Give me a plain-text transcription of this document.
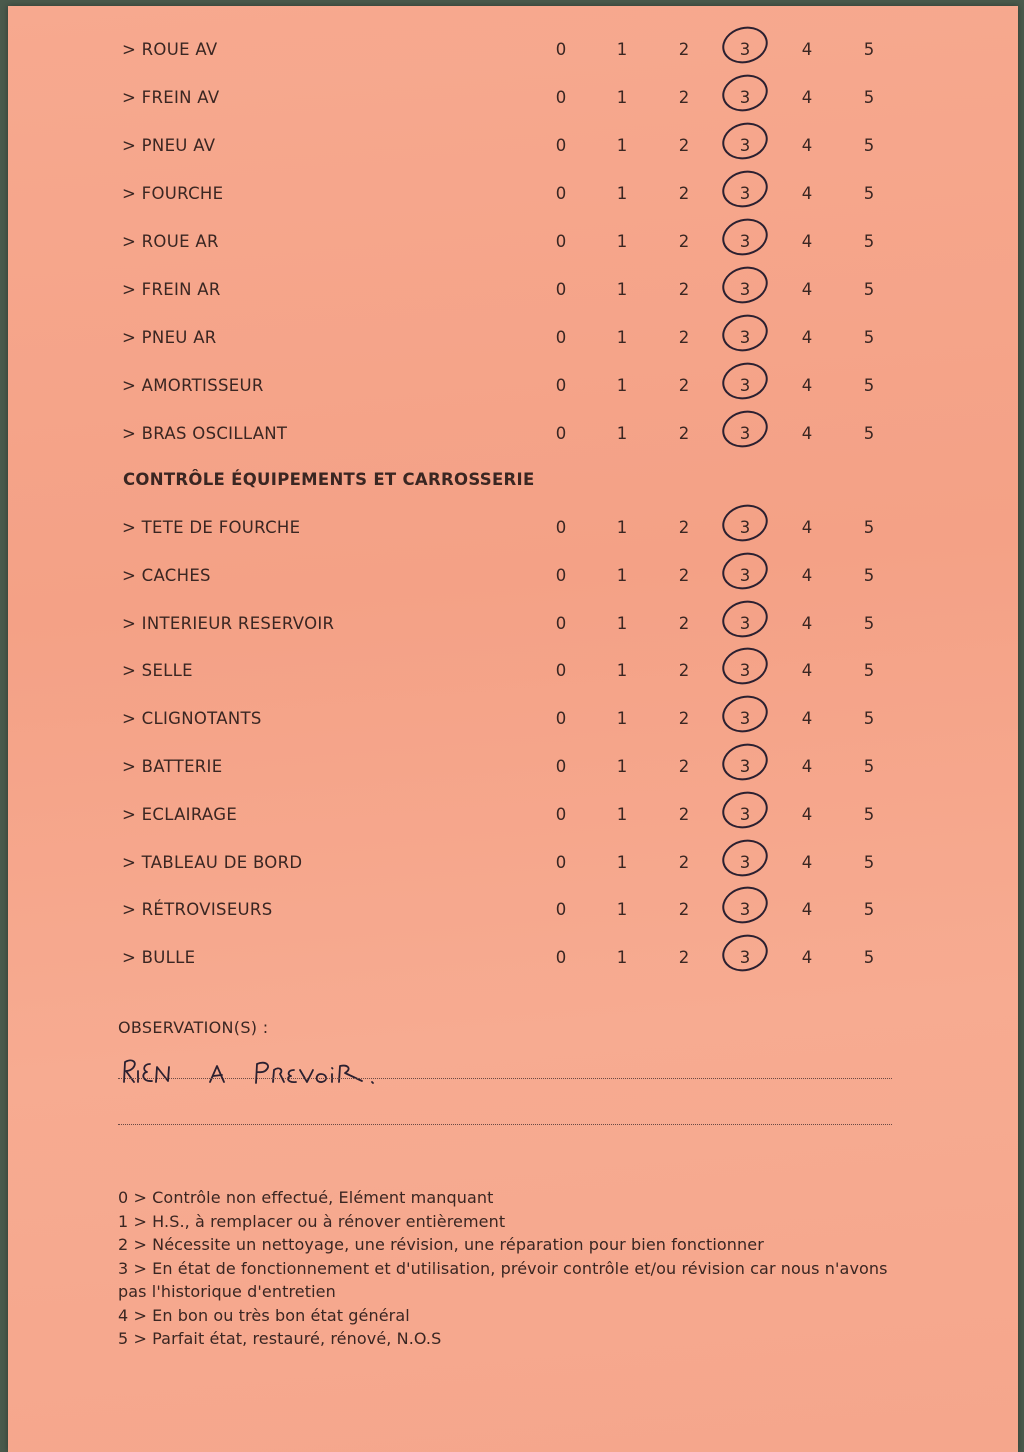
> ROUE AV	0	1	2	3	4	5
> FREIN AV	0	1	2	3	4	5
> PNEU AV	0	1	2	3	4	5
> FOURCHE	0	1	2	3	4	5
> ROUE AR	0	1	2	3	4	5
> FREIN AR	0	1	2	3	4	5
> PNEU AR	0	1	2	3	4	5
> AMORTISSEUR	0	1	2	3	4	5
> BRAS OSCILLANT	0	1	2	3	4	5
CONTRÔLE ÉQUIPEMENTS ET CARROSSERIE
> TETE DE FOURCHE	0	1	2	3	4	5
> CACHES	0	1	2	3	4	5
> INTERIEUR RESERVOIR	0	1	2	3	4	5
> SELLE	0	1	2	3	4	5
> CLIGNOTANTS	0	1	2	3	4	5
> BATTERIE	0	1	2	3	4	5
> ECLAIRAGE	0	1	2	3	4	5
> TABLEAU DE BORD	0	1	2	3	4	5
> RÉTROVISEURS	0	1	2	3	4	5
> BULLE	0	1	2	3	4	5
OBSERVATION(S) :
0 > Contrôle non effectué, Elément manquant
1 > H.S., à remplacer ou à rénover entièrement
2 > Nécessite un nettoyage, une révision, une réparation pour bien fonctionner
3 > En état de fonctionnement et d'utilisation, prévoir contrôle et/ou révision car nous n'avons pas l'historique d'entretien
4 > En bon ou très bon état général
5 > Parfait état, restauré, rénové, N.O.S
